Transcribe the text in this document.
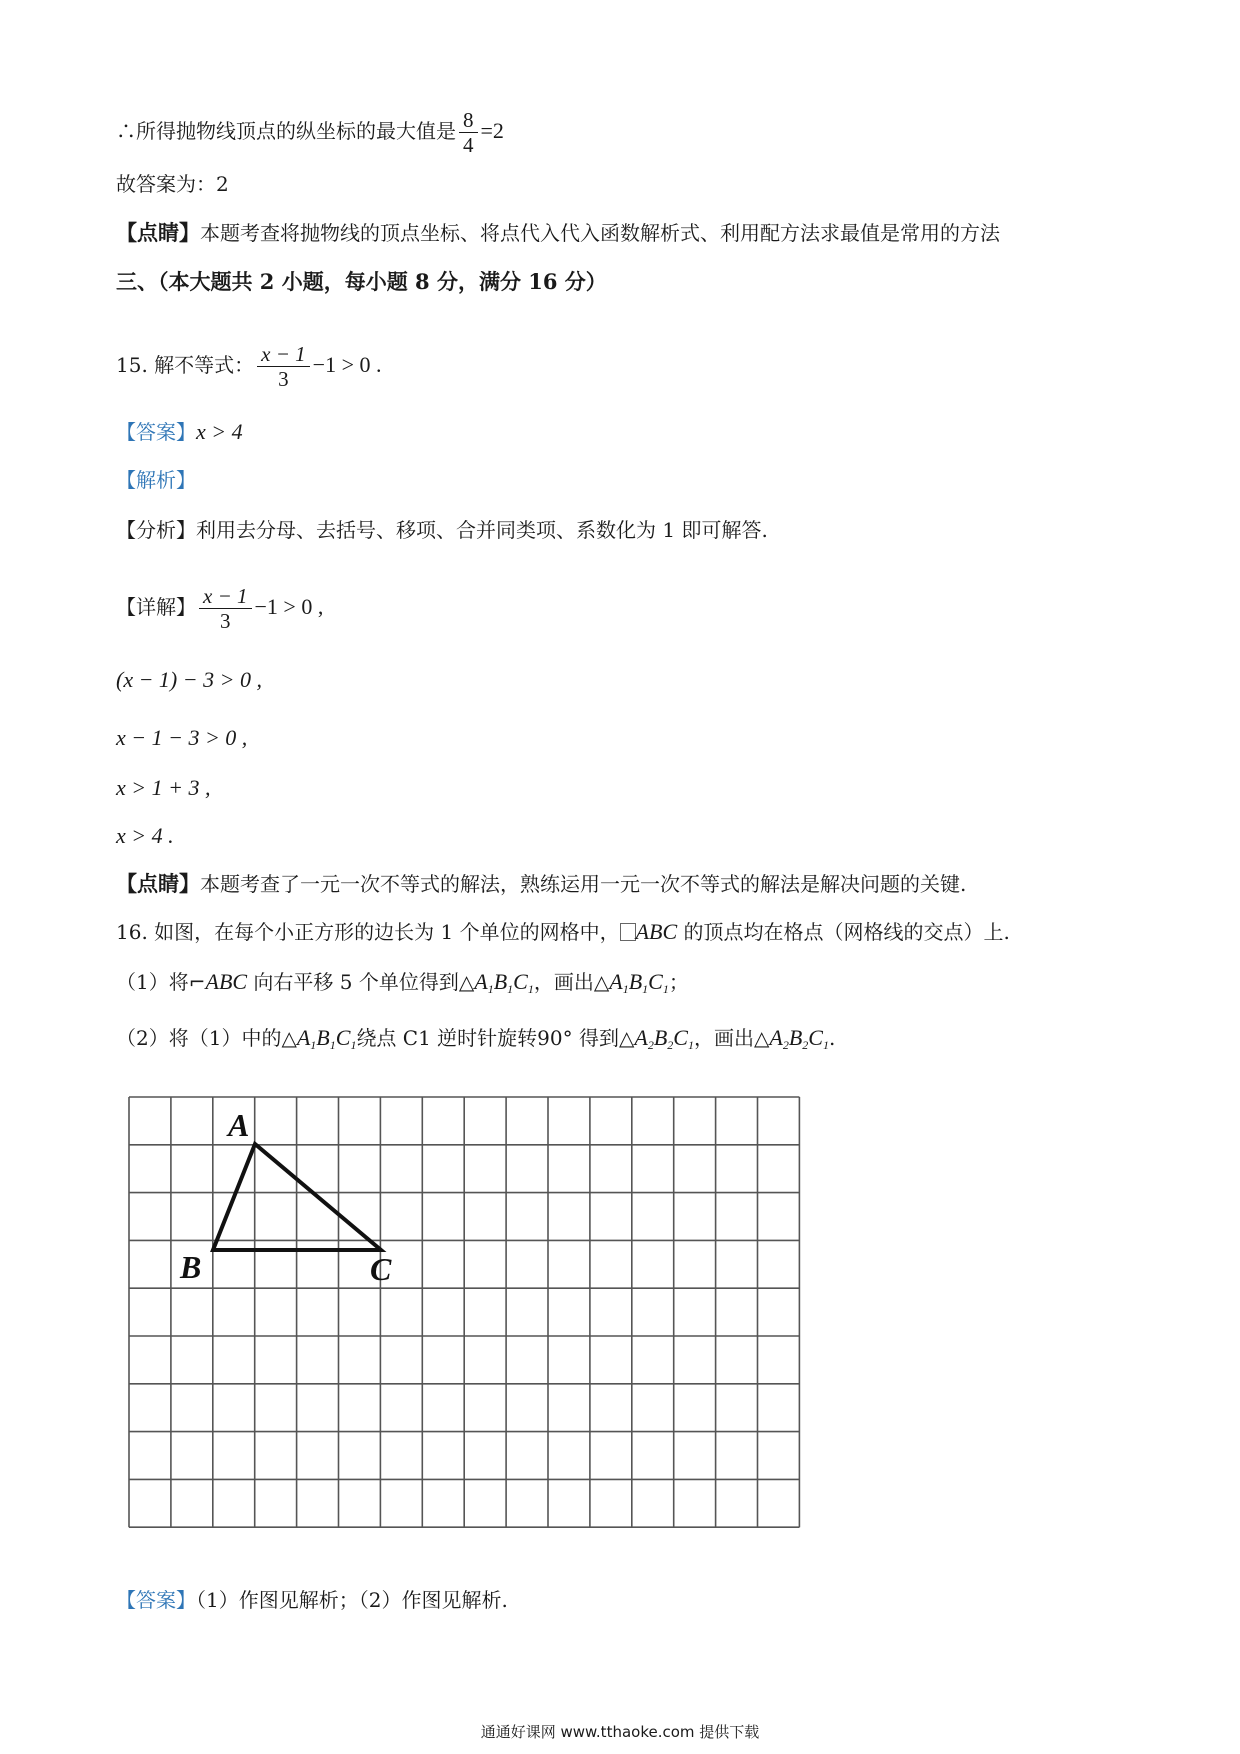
∴所得抛物线顶点的纵坐标的最大值是 $\frac{8}{4} =2$
故答案为：2
【点睛】本题考查将抛物线的顶点坐标、将点代入代入函数解析式、利用配方法求最值是常用的方法
三、（本大题共 2 小题，每小题 8 分，满分 16 分）
15. 解不等式： $\frac{x - 1}{3} -1 > 0$ .
【答案】x > 4
【解析】
【分析】利用去分母、去括号、移项、合并同类项、系数化为 1 即可解答.
【详解】 $\frac{x - 1}{3} -1 > 0$ ,
(x − 1) − 3 > 0 ,
x − 1 − 3 > 0 ,
x > 1 + 3 ,
x > 4 .
【点睛】本题考查了一元一次不等式的解法，熟练运用一元一次不等式的解法是解决问题的关键.
16. 如图，在每个小正方形的边长为 1 个单位的网格中， ABC 的顶点均在格点（网格线的交点）上.
（1）将⌐ABC 向右平移 5 个单位得到$\triangle A_1B_1C_1$，画出$\triangle A_1B_1C_1$；
（2）将（1）中的$\triangle A_1B_1C_1$绕点 C1 逆时针旋转90° 得到$\triangle A_2B_2C_1$，画出$\triangle A_2B_2C_1$.
A
B	C
【答案】（1）作图见解析；（2）作图见解析.
通通好课网 www.tthaoke.com 提供下载
